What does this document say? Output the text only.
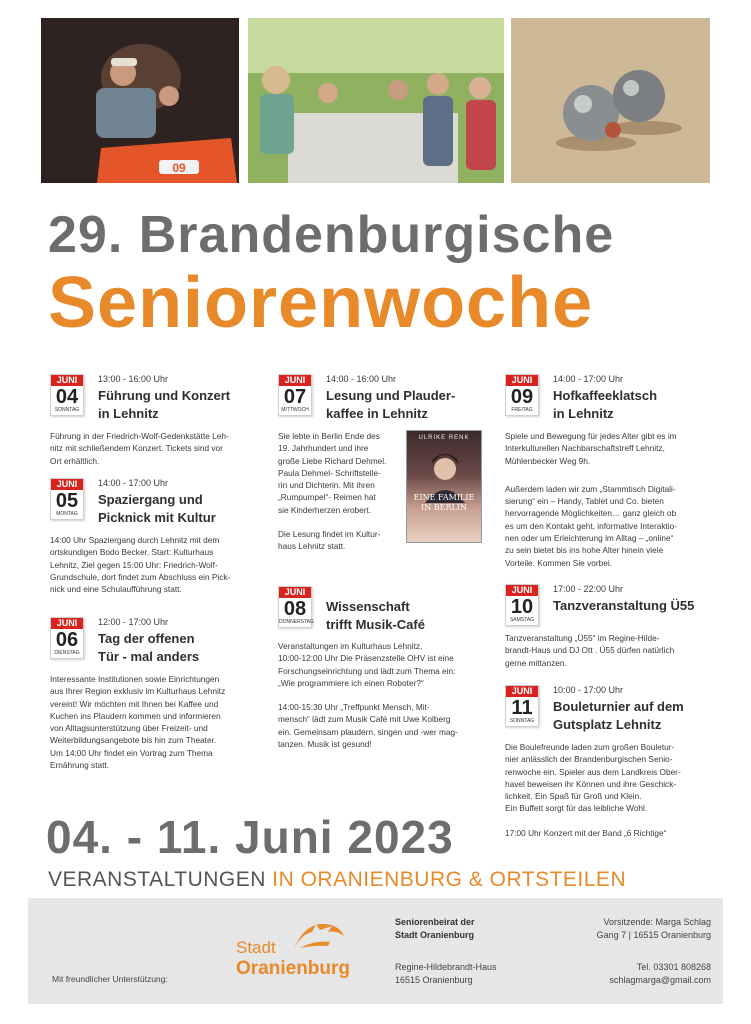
09
29. Brandenburgische
Seniorenwoche
JUNI
04
SONNTAG
13:00 - 16:00 Uhr
Führung und Konzert
in Lehnitz
Führung in der Friedrich-Wolf-Gedenkstätte Leh-
nitz mit schließendem Konzert. Tickets sind vor
Ort erhältlich.
JUNI
05
MONTAG
14:00 - 17:00 Uhr
Spaziergang und
Picknick mit Kultur
14:00 Uhr Spaziergang durch Lehnitz mit dem
ortskundigen Bodo Becker. Start: Kulturhaus
Lehnitz, Ziel gegen 15:00 Uhr: Friedrich-Wolf-
Grundschule, dort findet zum Abschluss ein Pick-
nick und eine Schulaufführung statt.
JUNI
06
DIENSTAG
12:00 - 17:00 Uhr
Tag der offenen
Tür - mal anders
Interessante Institutionen sowie Einrichtungen
aus Ihrer Region exklusiv im Kulturhaus Lehnitz
vereint! Wir möchten mit Ihnen bei Kaffee und
Kuchen ins Plaudern kommen und informieren
von Alltagsunterstützung über Freizeit- und
Weiterbildungsangebote bis hin zum Theater.
Um 14:00 Uhr findet ein Vortrag zum Thema
Ernährung statt.
JUNI
07
MITTWOCH
14:00 - 16:00 Uhr
Lesung und Plauder-
kaffee in Lehnitz
Sie lebte in Berlin Ende des
19. Jahrhundert und ihre
große Liebe Richard Dehmel.
Paula Dehmel- Schriftstelle-
rin und Dichterin. Mit ihren
„Rumpumpel“- Reimen hat
sie Kinderherzen erobert.
Die Lesung findet im Kultur-
haus Lehnitz statt.
ULRIKE RENK
EINE FAMILIE
IN BERLIN
JUNI
08
DONNERSTAG
Wissenschaft
trifft Musik-Café
Veranstaltungen im Kulturhaus Lehnitz,
10:00-12:00 Uhr Die Präsenzstelle OHV ist eine
Forschungseinrichtung und lädt zum Thema ein:
„Wie programmiere ich einen Roboter?“
14:00-15:30 Uhr „Treffpunkt Mensch, Mit-
mensch“ lädt zum Musik Café mit Uwe Kolberg
ein. Gemeinsam plaudern, singen und -wer mag-
tanzen. Musik ist gesund!
JUNI
09
FREITAG
14:00 - 17:00 Uhr
Hofkaffeeklatsch
in Lehnitz
Spiele und Bewegung für jedes Alter gibt es im
Interkulturellen Nachbarschaftstreff Lehnitz,
Mühlenbecker Weg 9h.
Außerdem laden wir zum „Stammtisch Digitali-
sierung“ ein – Handy, Tablet und Co. bieten
hervorragende Möglichkeiten… ganz gleich ob
es um den Kontakt geht, informative Interaktio-
nen oder um Erleichterung im Alltag – „online“
zu sein bietet bis ins hohe Alter hinein viele
Vorteile. Kommen Sie vorbei.
JUNI
10
SAMSTAG
17:00 - 22:00 Uhr
Tanzveranstaltung Ü55
Tanzveranstaltung „Ü55“ im Regine-Hilde-
brandt-Haus und DJ Ott . Ü55 dürfen natürlich
gerne mittanzen.
JUNI
11
SONNTAG
10:00 - 17:00 Uhr
Bouleturnier auf dem
Gutsplatz Lehnitz
Die Boulefreunde laden zum großen Bouletur-
nier anlässlich der Brandenburgischen Senio-
renwoche ein. Spieler aus dem Landkreis Ober-
havel beweisen ihr Können und ihre Geschick-
lichkeit. Ein Spaß für Groß und Klein.
Ein Buffett sorgt für das leibliche Wohl.
17:00 Uhr Konzert mit der Band „6 Richtige“
04. - 11. Juni 2023
VERANSTALTUNGEN IN ORANIENBURG & ORTSTEILEN
Mit freundlicher Unterstützung:
Stadt
Oranienburg
Seniorenbeirat der
Stadt Oranienburg
Regine-Hildebrandt-Haus
16515 Oranienburg
Vorsitzende: Marga Schlag
Gang 7 | 16515 Oranienburg
Tel. 03301 808268
schlagmarga@gmail.com
